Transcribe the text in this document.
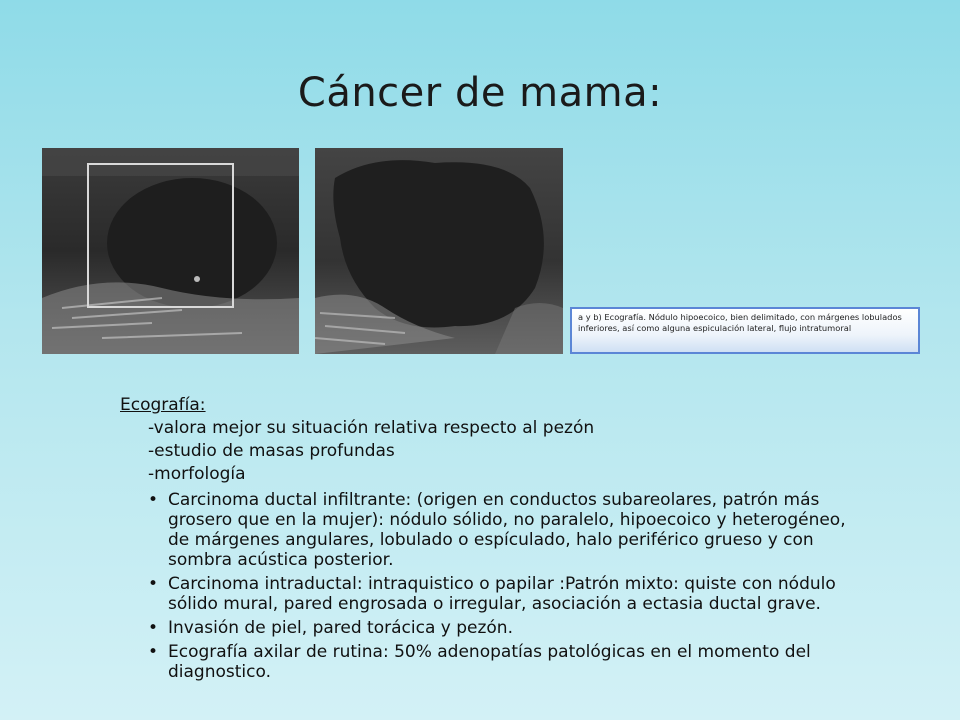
Cáncer de mama:
a y b) Ecografía. Nódulo hipoecoico, bien delimitado, con márgenes lobulados inferiores, así como alguna espiculación lateral, flujo intratumoral
Ecografía:
-valora mejor su situación relativa respecto al pezón
-estudio de masas profundas
-morfología
• Carcinoma ductal infiltrante: (origen en conductos subareolares, patrón más grosero que en la mujer): nódulo sólido, no paralelo, hipoecoico y heterogéneo, de márgenes angulares, lobulado o espículado, halo periférico grueso y con sombra acústica posterior.
• Carcinoma intraductal: intraquistico o papilar :Patrón mixto: quiste con nódulo sólido mural, pared engrosada o irregular, asociación a ectasia ductal grave.
• Invasión de piel, pared torácica y pezón.
• Ecografía axilar de rutina: 50% adenopatías patológicas en el momento del diagnostico.
